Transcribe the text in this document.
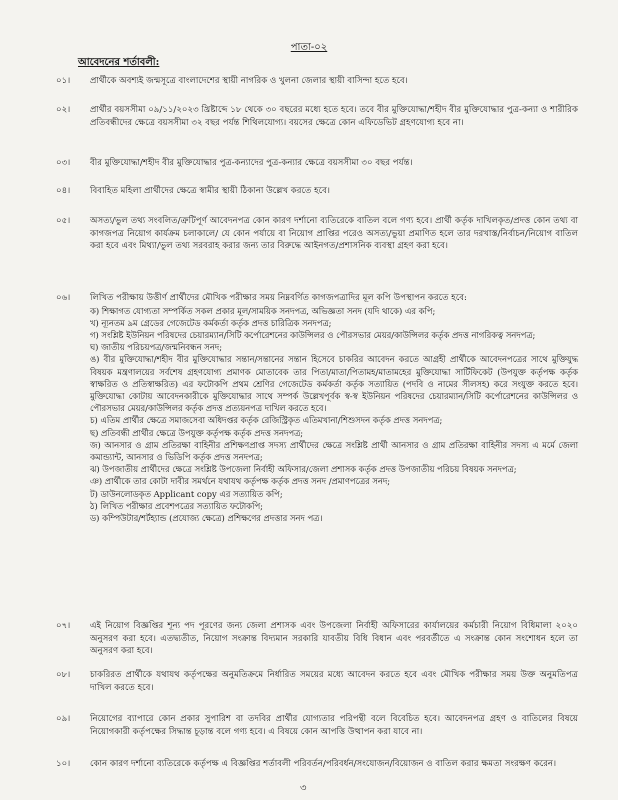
পাতা-০২
আবেদনের শর্তাবলী:
০১।	প্রার্থীকে অবশ্যই জন্মসূত্রে বাংলাদেশের স্থায়ী নাগরিক ও খুলনা জেলার স্থায়ী বাসিন্দা হতে হবে।
০২।	প্রার্থীর বয়সসীমা ০৯/১১/২০২৩ খ্রিষ্টাব্দে ১৮ থেকে ৩০ বছরের মধ্যে হতে হবে। তবে বীর মুক্তিযোদ্ধা/শহীদ বীর মুক্তিযোদ্ধার পুত্র-কন্যা ও শারীরিক প্রতিবন্ধীদের ক্ষেত্রে বয়সসীমা ৩২ বছর পর্যন্ত শিথিলযোগ্য। বয়সের ক্ষেত্রে কোন এফিডেভিট গ্রহণযোগ্য হবে না।
০৩।	বীর মুক্তিযোদ্ধা/শহীদ বীর মুক্তিযোদ্ধার পুত্র-কন্যাদের পুত্র-কন্যার ক্ষেত্রে বয়সসীমা ৩০ বছর পর্যন্ত।
০৪।	বিবাহিত মহিলা প্রার্থীদের ক্ষেত্রে স্বামীর স্থায়ী ঠিকানা উল্লেখ করতে হবে।
০৫।	অসত্য/ভুল তথ্য সংবলিত/ত্রুটিপূর্ণ আবেদনপত্র কোন কারণ দর্শানো ব্যতিরেকে বাতিল বলে গণ্য হবে। প্রার্থী কর্তৃক দাখিলকৃত/প্রদত্ত কোন তথ্য বা কাগজপত্র নিয়োগ কার্যক্রম চলাকালে/ যে কোন পর্যায়ে বা নিয়োগ প্রাপ্তির পরেও অসত্য/ভুয়া প্রমাণিত হলে তার দরখাস্ত/নির্বাচন/নিয়োগ বাতিল করা হবে এবং মিথ্যা/ভুল তথ্য সরবরাহ করার জন্য তার বিরুদ্ধে আইনগত/প্রশাসনিক ব্যবস্থা গ্রহণ করা হবে।
০৬।	লিখিত পরীক্ষায় উত্তীর্ণ প্রার্থীদের মৌখিক পরীক্ষার সময় নিম্নবর্ণিত কাগজপত্রাদির মূল কপি উপস্থাপন করতে হবে:
ক) শিক্ষাগত যোগ্যতা সম্পর্কিত সকল প্রকার মূল/সাময়িক সনদপত্র, অভিজ্ঞতা সনদ (যদি থাকে) এর কপি;
খ) ন্যূনতম ৯ম গ্রেডের গেজেটেড কর্মকর্তা কর্তৃক প্রদত্ত চারিত্রিক সনদপত্র;
গ) সংশ্লিষ্ট ইউনিয়ন পরিষদের চেয়ারম্যান/সিটি কর্পোরেশনের কাউন্সিলর ও পৌরসভার মেয়র/কাউন্সিলর কর্তৃক প্রদত্ত নাগরিকত্ব সনদপত্র;
ঘ) জাতীয় পরিচয়পত্র/জন্মনিবন্ধন সনদ;
ঙ) বীর মুক্তিযোদ্ধা/শহীদ বীর মুক্তিযোদ্ধার সন্তান/সন্তানের সন্তান হিসেবে চাকরির আবেদন করতে আগ্রহী প্রার্থীকে আবেদনপত্রের সাথে মুক্তিযুদ্ধ বিষয়ক মন্ত্রণালয়ের সর্বশেষ গ্রহণযোগ্য প্রমাণক মোতাবেক তার পিতা/মাতা/পিতামহ/মাতামহের মুক্তিযোদ্ধা সার্টিফিকেট (উপযুক্ত কর্তৃপক্ষ কর্তৃক স্বাক্ষরিত ও প্রতিস্বাক্ষরিত) এর ফটোকপি প্রথম শ্রেণির গেজেটেড কর্মকর্তা কর্তৃক সত্যায়িত (পদবি ও নামের সীলসহ) করে সংযুক্ত করতে হবে। মুক্তিযোদ্ধা কোটায় আবেদনকারীকে মুক্তিযোদ্ধার সাথে সম্পর্ক উল্লেখপূর্বক স্ব-স্ব ইউনিয়ন পরিষদের চেয়ারম্যান/সিটি কর্পোরেশনের কাউন্সিলর ও পৌরসভার মেয়র/কাউন্সিলর কর্তৃক প্রদত্ত প্রত্যয়নপত্র দাখিল করতে হবে।
চ) এতিম প্রার্থীর ক্ষেত্রে সমাজসেবা অধিদপ্তর কর্তৃক রেজিস্ট্রিকৃত এতিমখানা/শিশুসদন কর্তৃক প্রদত্ত সনদপত্র;
ছ) প্রতিবন্ধী প্রার্থীর ক্ষেত্রে উপযুক্ত কর্তৃপক্ষ কর্তৃক প্রদত্ত সনদপত্র;
জ) আনসার ও গ্রাম প্রতিরক্ষা বাহিনীর প্রশিক্ষণপ্রাপ্ত সদস্য প্রার্থীদের ক্ষেত্রে সংশ্লিষ্ট প্রার্থী আনসার ও গ্রাম প্রতিরক্ষা বাহিনীর সদস্য এ মর্মে জেলা কমান্ড্যান্ট, আনসার ও ভিডিপি কর্তৃক প্রদত্ত সনদপত্র;
ঝ) উপজাতীয় প্রার্থীদের ক্ষেত্রে সংশ্লিষ্ট উপজেলা নির্বাহী অফিসার/জেলা প্রশাসক কর্তৃক প্রদত্ত উপজাতীয় পরিচয় বিষয়ক সনদপত্র;
ঞ) প্রার্থীকে তার কোটা দাবীর সমর্থনে যথাযথ কর্তৃপক্ষ কর্তৃক প্রদত্ত সনদ /প্রমাণপত্রের সনদ;
ট) ডাউনলোডকৃত Applicant copy এর সত্যায়িত কপি;
ঠ) লিখিত পরীক্ষার প্রবেশপত্রের সত্যায়িত ফটোকপি;
ড) কম্পিউটার/শর্টহ্যান্ড (প্রযোজ্য ক্ষেত্রে) প্রশিক্ষণের প্রদত্তার সনদ পত্র।
০৭।	এই নিয়োগ বিজ্ঞপ্তির শূন্য পদ পূরণের জন্য জেলা প্রশাসক এবং উপজেলা নির্বাহী অফিসারের কার্যালয়ের কর্মচারী নিয়োগ বিধিমালা ২০২০ অনুসরণ করা হবে। এতদ্ব্যতীত, নিয়োগ সংক্রান্ত বিদ্যমান সরকারি যাবতীয় বিধি বিধান এবং পরবর্তীতে এ সংক্রান্ত কোন সংশোধন হলে তা অনুসরণ করা হবে।
০৮।	চাকরিরত প্রার্থীকে যথাযথ কর্তৃপক্ষের অনুমতিক্রমে নির্ধারিত সময়ের মধ্যে আবেদন করতে হবে এবং মৌখিক পরীক্ষার সময় উক্ত অনুমতিপত্র দাখিল করতে হবে।
০৯।	নিয়োগের ব্যাপারে কোন প্রকার সুপারিশ বা তদবির প্রার্থীর যোগ্যতার পরিপন্থী বলে বিবেচিত হবে। আবেদনপত্র গ্রহণ ও বাতিলের বিষয়ে নিয়োগকারী কর্তৃপক্ষের সিদ্ধান্ত চূড়ান্ত বলে গণ্য হবে। এ বিষয়ে কোন আপত্তি উত্থাপন করা যাবে না।
১০।	কোন কারণ দর্শানো ব্যতিরেকে কর্তৃপক্ষ এ বিজ্ঞপ্তির শর্তাবলী পরিবর্তন/পরিবর্ধন/সংযোজন/বিয়োজন ও বাতিল করার ক্ষমতা সংরক্ষণ করেন।
৩
